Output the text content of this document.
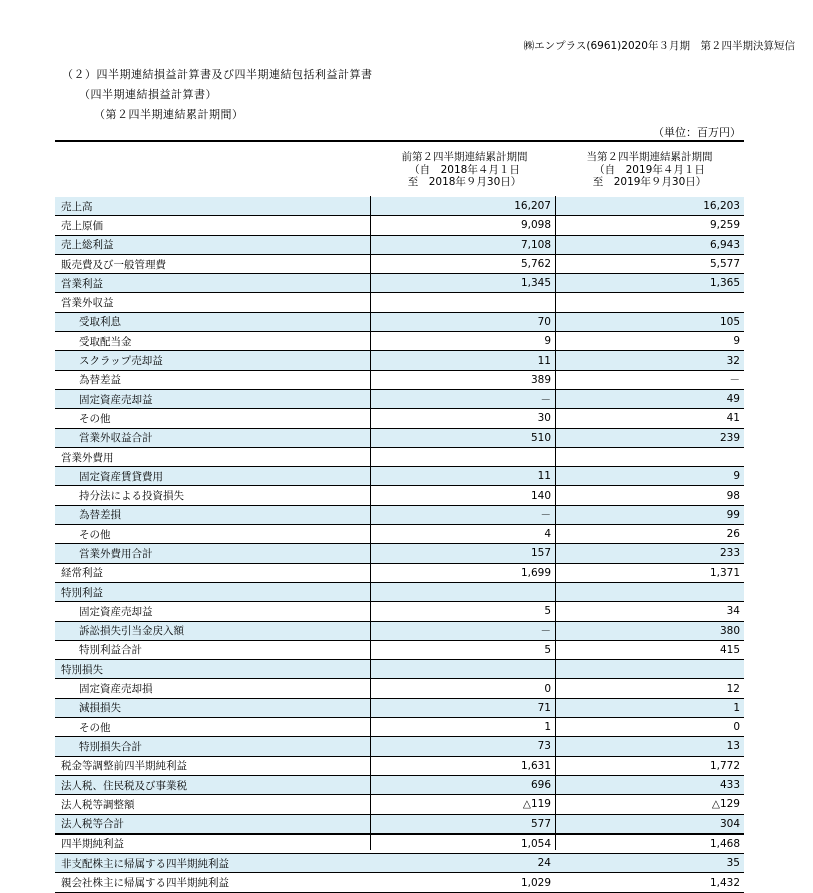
㈱エンプラス(6961)2020年３月期　第２四半期決算短信
（２）四半期連結損益計算書及び四半期連結包括利益計算書
（四半期連結損益計算書）
（第２四半期連結累計期間）
（単位：百万円）
前第２四半期連結累計期間
（自　2018年４月１日
至　2018年９月30日）
当第２四半期連結累計期間
（自　2019年４月１日
至　2019年９月30日）
売上高	16,207	16,203
売上原価	9,098	9,259
売上総利益	7,108	6,943
販売費及び一般管理費	5,762	5,577
営業利益	1,345	1,365
営業外収益		
受取利息	70	105
受取配当金	9	9
スクラップ売却益	11	32
為替差益	389	－
固定資産売却益	－	49
その他	30	41
営業外収益合計	510	239
営業外費用		
固定資産賃貸費用	11	9
持分法による投資損失	140	98
為替差損	－	99
その他	4	26
営業外費用合計	157	233
経常利益	1,699	1,371
特別利益		
固定資産売却益	5	34
訴訟損失引当金戻入額	－	380
特別利益合計	5	415
特別損失		
固定資産売却損	0	12
減損損失	71	1
その他	1	0
特別損失合計	73	13
税金等調整前四半期純利益	1,631	1,772
法人税、住民税及び事業税	696	433
法人税等調整額	△119	△129
法人税等合計	577	304
四半期純利益	1,054	1,468
非支配株主に帰属する四半期純利益	24	35
親会社株主に帰属する四半期純利益	1,029	1,432
